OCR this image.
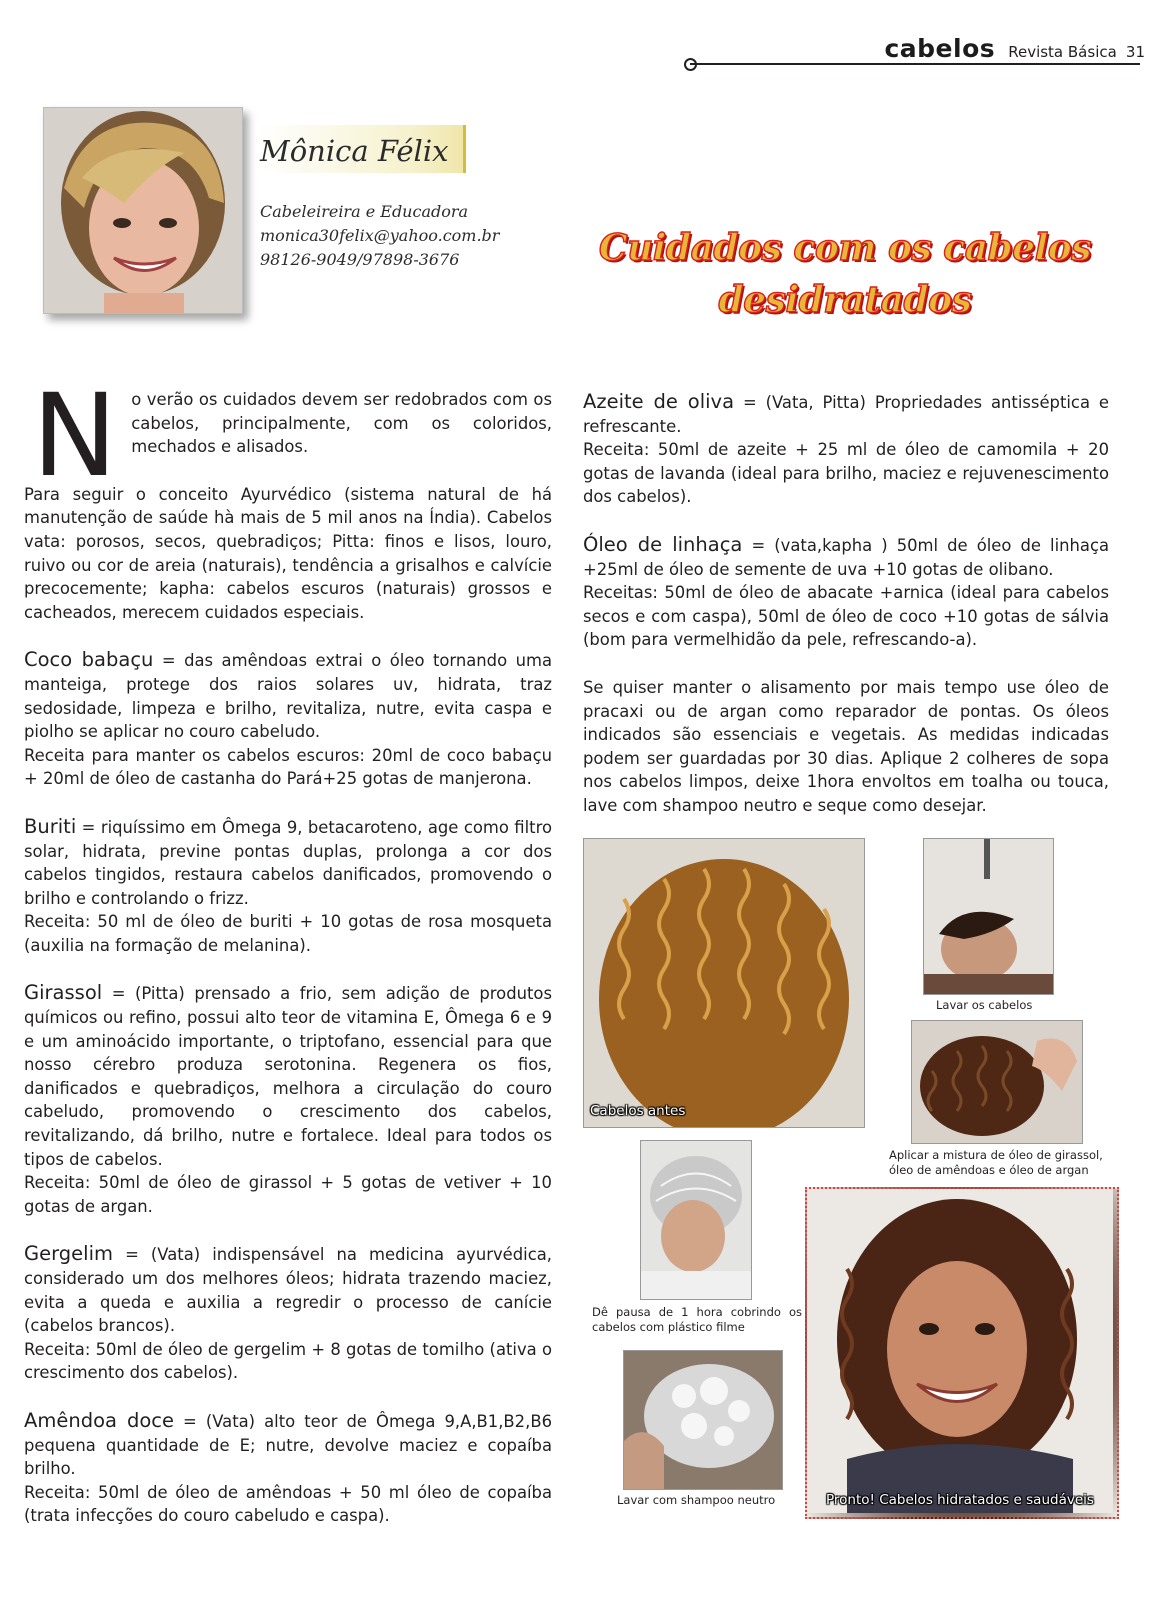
cabelos Revista Básica 31
Mônica Félix
Cabeleireira e Educadora
monica30felix@yahoo.com.br
98126-9049/97898-3676	Cuidados com os cabelos
desidratados

N o verão os cuidados devem ser redobrados com os cabelos, principalmente, com os coloridos, mechados e alisados.

Para seguir o conceito Ayurvédico (sistema natural de há manutenção de saúde hà mais de 5 mil anos na Índia). Cabelos vata: porosos, secos, quebradiços; Pitta: finos e lisos, louro, ruivo ou cor de areia (naturais), tendência a grisalhos e calvície precocemente; kapha: cabelos escuros (naturais) grossos e cacheados, merecem cuidados especiais.

Coco babaçu = das amêndoas extrai o óleo tornando uma manteiga, protege dos raios solares uv, hidrata, traz sedosidade, limpeza e brilho, revitaliza, nutre, evita caspa e piolho se aplicar no couro cabeludo.
Receita para manter os cabelos escuros: 20ml de coco babaçu + 20ml de óleo de castanha do Pará+25 gotas de manjerona.

Buriti = riquíssimo em Ômega 9, betacaroteno, age como filtro solar, hidrata, previne pontas duplas, prolonga a cor dos cabelos tingidos, restaura cabelos danificados, promovendo o brilho e controlando o frizz.
Receita: 50 ml de óleo de buriti + 10 gotas de rosa mosqueta (auxilia na formação de melanina).

Girassol = (Pitta) prensado a frio, sem adição de produtos químicos ou refino, possui alto teor de vitamina E, Ômega 6 e 9 e um aminoácido importante, o triptofano, essencial para que nosso cérebro produza serotonina. Regenera os fios, danificados e quebradiços, melhora a circulação do couro cabeludo, promovendo o crescimento dos cabelos, revitalizando, dá brilho, nutre e fortalece. Ideal para todos os tipos de cabelos.
Receita: 50ml de óleo de girassol + 5 gotas de vetiver + 10 gotas de argan.

Gergelim = (Vata) indispensável na medicina ayurvédica, considerado um dos melhores óleos; hidrata trazendo maciez, evita a queda e auxilia a regredir o processo de canície (cabelos brancos).
Receita: 50ml de óleo de gergelim + 8 gotas de tomilho (ativa o crescimento dos cabelos).

Amêndoa doce = (Vata) alto teor de Ômega 9,A,B1,B2,B6 pequena quantidade de E; nutre, devolve maciez e copaíba brilho.
Receita: 50ml de óleo de amêndoas + 50 ml óleo de copaíba (trata infecções do couro cabeludo e caspa).

Azeite de oliva = (Vata, Pitta) Propriedades antisséptica e refrescante.
Receita: 50ml de azeite + 25 ml de óleo de camomila + 20 gotas de lavanda (ideal para brilho, maciez e rejuvenescimento dos cabelos).

Óleo de linhaça = (vata,kapha ) 50ml de óleo de linhaça +25ml de óleo de semente de uva +10 gotas de olibano.
Receitas: 50ml de óleo de abacate +arnica (ideal para cabelos secos e com caspa), 50ml de óleo de coco +10 gotas de sálvia (bom para vermelhidão da pele, refrescando-a).

Se quiser manter o alisamento por mais tempo use óleo de pracaxi ou de argan como reparador de pontas. Os óleos indicados são essenciais e vegetais. As medidas indicadas podem ser guardadas por 30 dias. Aplique 2 colheres de sopa nos cabelos limpos, deixe 1hora envoltos em toalha ou touca, lave com shampoo neutro e seque como desejar.

Cabelos antes
Lavar os cabelos
Aplicar a mistura de óleo de girassol,
óleo de amêndoas e óleo de argan
Dê pausa de 1 hora cobrindo os cabelos com plástico filme
Lavar com shampoo neutro	Pronto! Cabelos hidratados e saudáveis
